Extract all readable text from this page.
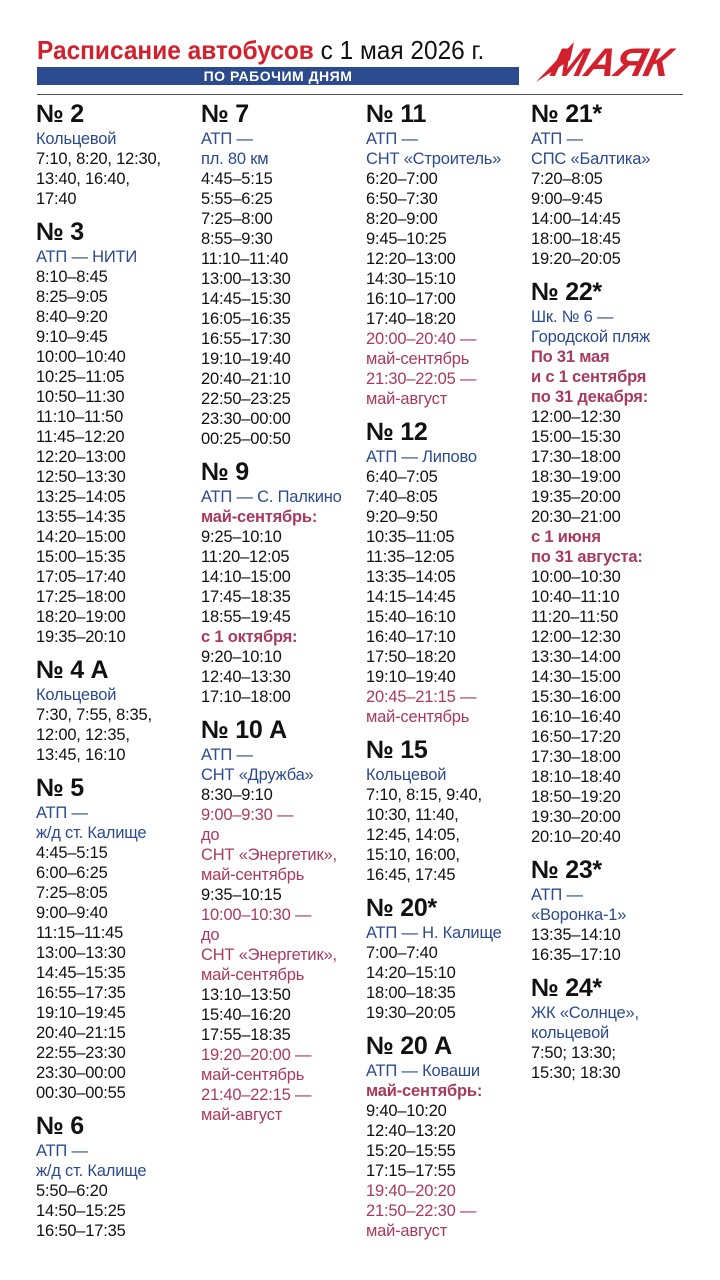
Расписание автобусов с 1 мая 2026 г.
ПО РАБОЧИМ ДНЯМ	МАЯК
№ 2
Кольцевой
7:10, 8:20, 12:30,
13:40, 16:40,
17:40
№ 3
АТП — НИТИ
8:10–8:45
8:25–9:05
8:40–9:20
9:10–9:45
10:00–10:40
10:25–11:05
10:50–11:30
11:10–11:50
11:45–12:20
12:20–13:00
12:50–13:30
13:25–14:05
13:55–14:35
14:20–15:00
15:00–15:35
17:05–17:40
17:25–18:00
18:20–19:00
19:35–20:10
№ 4 А
Кольцевой
7:30, 7:55, 8:35,
12:00, 12:35,
13:45, 16:10
№ 5
АТП —
ж/д ст. Калище
4:45–5:15
6:00–6:25
7:25–8:05
9:00–9:40
11:15–11:45
13:00–13:30
14:45–15:35
16:55–17:35
19:10–19:45
20:40–21:15
22:55–23:30
23:30–00:00
00:30–00:55
№ 6
АТП —
ж/д ст. Калище
5:50–6:20
14:50–15:25
16:50–17:35
№ 7
АТП —
пл. 80 км
4:45–5:15
5:55–6:25
7:25–8:00
8:55–9:30
11:10–11:40
13:00–13:30
14:45–15:30
16:05–16:35
16:55–17:30
19:10–19:40
20:40–21:10
22:50–23:25
23:30–00:00
00:25–00:50
№ 9
АТП — С. Палкино
май-сентябрь:
9:25–10:10
11:20–12:05
14:10–15:00
17:45–18:35
18:55–19:45
с 1 октября:
9:20–10:10
12:40–13:30
17:10–18:00
№ 10 А
АТП —
СНТ «Дружба»
8:30–9:10
9:00–9:30 —
до
СНТ «Энергетик»,
май-сентябрь
9:35–10:15
10:00–10:30 —
до
СНТ «Энергетик»,
май-сентябрь
13:10–13:50
15:40–16:20
17:55–18:35
19:20–20:00 —
май-сентябрь
21:40–22:15 —
май-август
№ 11
АТП —
СНТ «Строитель»
6:20–7:00
6:50–7:30
8:20–9:00
9:45–10:25
12:20–13:00
14:30–15:10
16:10–17:00
17:40–18:20
20:00–20:40 —
май-сентябрь
21:30–22:05 —
май-август
№ 12
АТП — Липово
6:40–7:05
7:40–8:05
9:20–9:50
10:35–11:05
11:35–12:05
13:35–14:05
14:15–14:45
15:40–16:10
16:40–17:10
17:50–18:20
19:10–19:40
20:45–21:15 —
май-сентябрь
№ 15
Кольцевой
7:10, 8:15, 9:40,
10:30, 11:40,
12:45, 14:05,
15:10, 16:00,
16:45, 17:45
№ 20*
АТП — Н. Калище
7:00–7:40
14:20–15:10
18:00–18:35
19:30–20:05
№ 20 А
АТП — Коваши
май-сентябрь:
9:40–10:20
12:40–13:20
15:20–15:55
17:15–17:55
19:40–20:20
21:50–22:30 —
май-август
№ 21*
АТП —
СПС «Балтика»
7:20–8:05
9:00–9:45
14:00–14:45
18:00–18:45
19:20–20:05
№ 22*
Шк. № 6 —
Городской пляж
По 31 мая
и с 1 сентября
по 31 декабря:
12:00–12:30
15:00–15:30
17:30–18:00
18:30–19:00
19:35–20:00
20:30–21:00
с 1 июня
по 31 августа:
10:00–10:30
10:40–11:10
11:20–11:50
12:00–12:30
13:30–14:00
14:30–15:00
15:30–16:00
16:10–16:40
16:50–17:20
17:30–18:00
18:10–18:40
18:50–19:20
19:30–20:00
20:10–20:40
№ 23*
АТП —
«Воронка-1»
13:35–14:10
16:35–17:10
№ 24*
ЖК «Солнце»,
кольцевой
7:50; 13:30;
15:30; 18:30
